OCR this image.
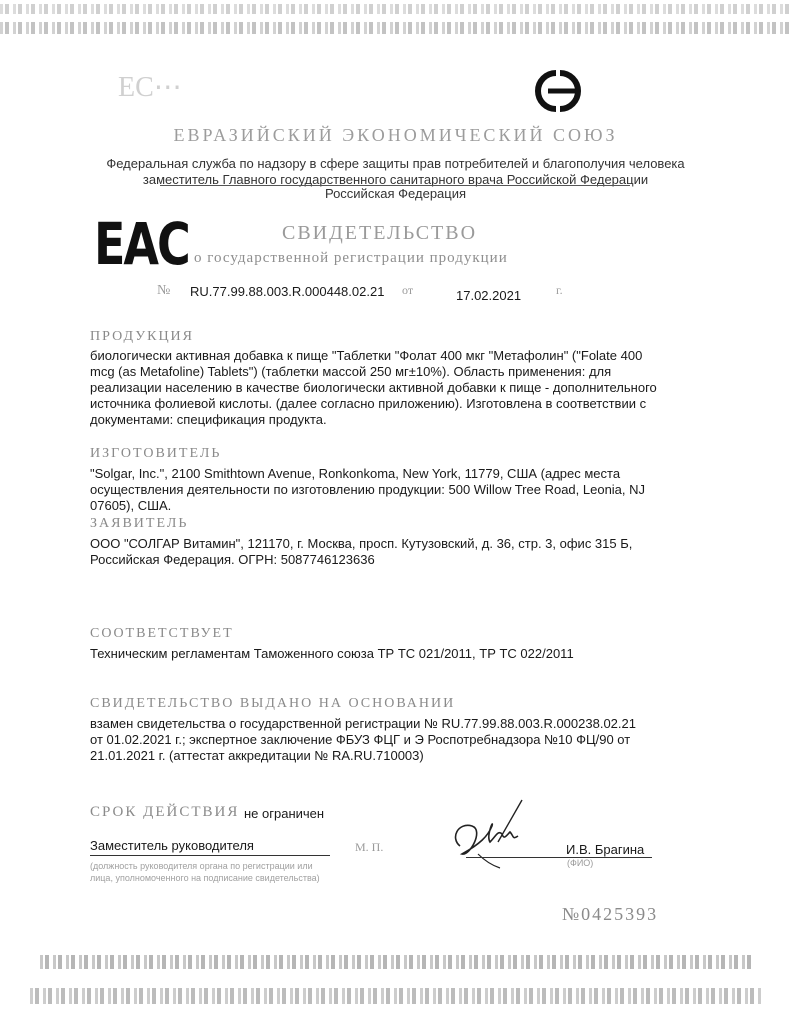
ЕС⋯
ЕВРАЗИЙСКИЙ ЭКОНОМИЧЕСКИЙ СОЮЗ
Федеральная служба по надзору в сфере защиты прав потребителей и благополучия человека
заместитель Главного государственного санитарного врача Российской Федерации
Российская Федерация
ЕАС	СВИДЕТЕЛЬСТВО
о государственной регистрации продукции
№ RU.77.99.88.003.R.000448.02.21 от	17.02.2021	г.
ПРОДУКЦИЯ
биологически активная добавка к пище "Таблетки "Фолат 400 мкг "Метафолин" ("Folate 400 mcg (as Metafoline) Tablets") (таблетки массой 250 мг±10%). Область применения: для реализации населению в качестве биологически активной добавки к пище - дополнительного источника фолиевой кислоты. (далее согласно приложению). Изготовлена в соответствии с документами: спецификация продукта.
ИЗГОТОВИТЕЛЬ
"Solgar, Inc.", 2100 Smithtown Avenue, Ronkonkoma, New York, 11779, США (адрес места осуществления деятельности по изготовлению продукции: 500 Willow Tree Road, Leonia, NJ 07605), США.
ЗАЯВИТЕЛЬ
ООО "СОЛГАР Витамин", 121170, г. Москва, просп. Кутузовский, д. 36, стр. 3, офис 315 Б, Российская Федерация. ОГРН: 5087746123636
СООТВЕТСТВУЕТ
Техническим регламентам Таможенного союза ТР ТС 021/2011, ТР ТС 022/2011
СВИДЕТЕЛЬСТВО ВЫДАНО НА ОСНОВАНИИ
взамен свидетельства о государственной регистрации № RU.77.99.88.003.R.000238.02.21 от 01.02.2021 г.; экспертное заключение ФБУЗ ФЦГ и Э Роспотребнадзора №10 ФЦ/90 от 21.01.2021 г. (аттестат аккредитации № RA.RU.710003)
СРОК ДЕЙСТВИЯ не ограничен
Заместитель руководителя	М. П.	И.В. Брагина
(ФИО)
(должность руководителя органа по регистрации или лица, уполномоченного на подписание свидетельства)
№0425393
